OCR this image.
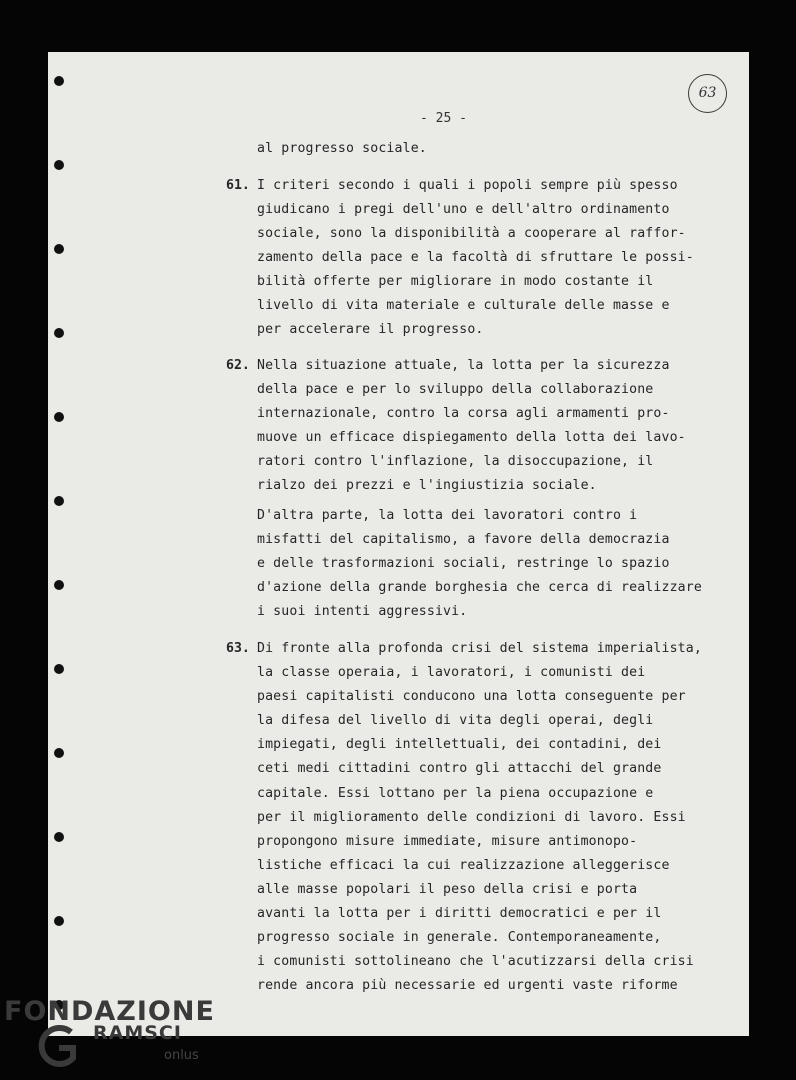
- 25 -
63
al progresso sociale.
61. I criteri secondo i quali i popoli sempre più spesso
giudicano i pregi dell'uno e dell'altro ordinamento
sociale, sono la disponibilità a cooperare al raffor-
zamento della pace e la facoltà di sfruttare le possi-
bilità offerte per migliorare in modo costante il
livello di vita materiale e culturale delle masse e
per accelerare il progresso.
62. Nella situazione attuale, la lotta per la sicurezza
della pace e per lo sviluppo della collaborazione
internazionale, contro la corsa agli armamenti pro-
muove un efficace dispiegamento della lotta dei lavo-
ratori contro l'inflazione, la disoccupazione, il
rialzo dei prezzi e l'ingiustizia sociale.
D'altra parte, la lotta dei lavoratori contro i
misfatti del capitalismo, a favore della democrazia
e delle trasformazioni sociali, restringe lo spazio
d'azione della grande borghesia che cerca di realizzare
i suoi intenti aggressivi.
63. Di fronte alla profonda crisi del sistema imperialista,
la classe operaia, i lavoratori, i comunisti dei
paesi capitalisti conducono una lotta conseguente per
la difesa del livello di vita degli operai, degli
impiegati, degli intellettuali, dei contadini, dei
ceti medi cittadini contro gli attacchi del grande
capitale. Essi lottano per la piena occupazione e
per il miglioramento delle condizioni di lavoro. Essi
propongono misure immediate, misure antimonopo-
listiche efficaci la cui realizzazione alleggerisce
alle masse popolari il peso della crisi e porta
avanti la lotta per i diritti democratici e per il
progresso sociale in generale. Contemporaneamente,
i comunisti sottolineano che l'acutizzarsi della crisi
rende ancora più necessarie ed urgenti vaste riforme
FONDAZIONE
RAMSCI
onlus
